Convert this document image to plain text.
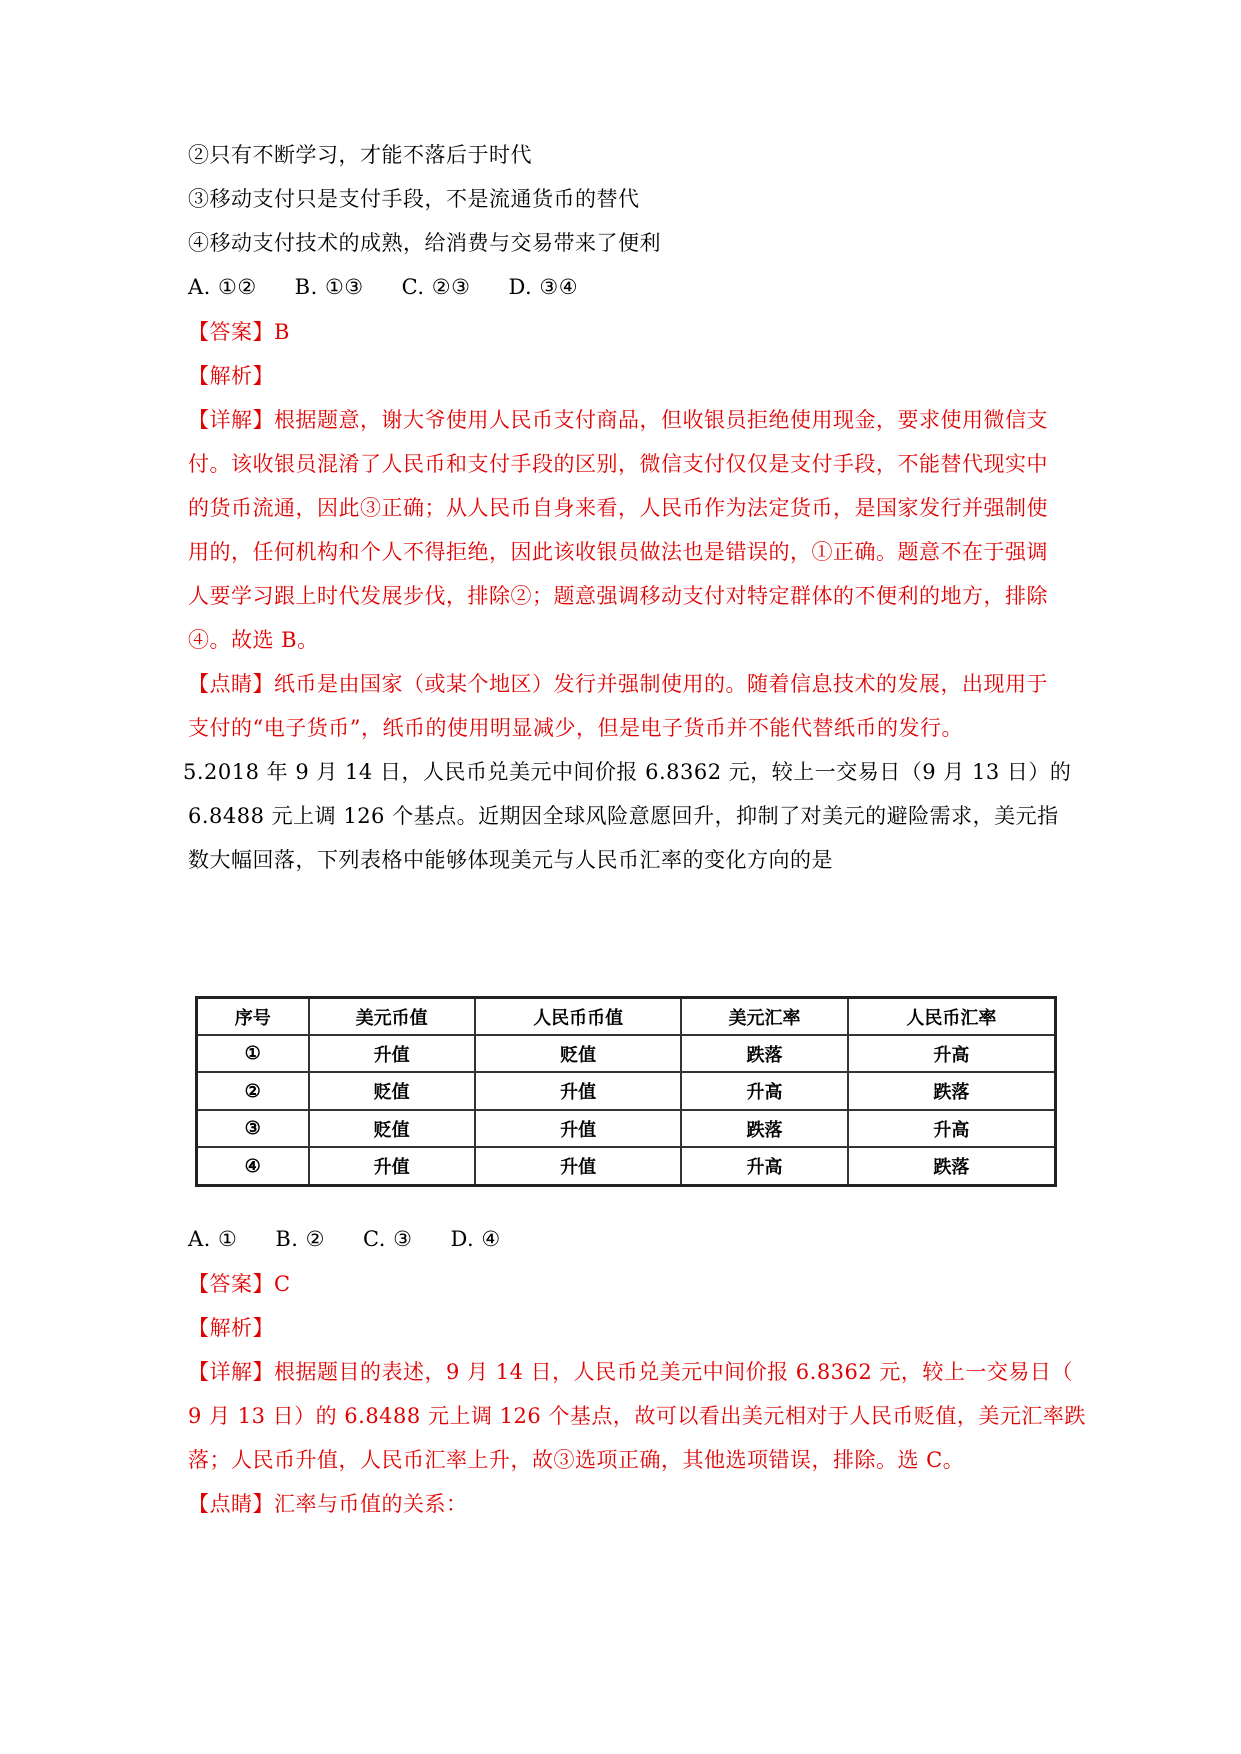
②只有不断学习，才能不落后于时代
③移动支付只是支付手段，不是流通货币的替代
④移动支付技术的成熟，给消费与交易带来了便利
A. ①② B. ①③ C. ②③ D. ③④
【答案】B
【解析】
【详解】根据题意，谢大爷使用人民币支付商品，但收银员拒绝使用现金，要求使用微信支
付。该收银员混淆了人民币和支付手段的区别，微信支付仅仅是支付手段，不能替代现实中
的货币流通，因此③正确；从人民币自身来看，人民币作为法定货币，是国家发行并强制使
用的，任何机构和个人不得拒绝，因此该收银员做法也是错误的，①正确。题意不在于强调
人要学习跟上时代发展步伐，排除②；题意强调移动支付对特定群体的不便利的地方，排除
④。故选 B。
【点睛】纸币是由国家（或某个地区）发行并强制使用的。随着信息技术的发展，出现用于
支付的“电子货币”，纸币的使用明显减少，但是电子货币并不能代替纸币的发行。
5.2018 年 9 月 14 日，人民币兑美元中间价报 6.8362 元，较上一交易日（9 月 13 日）的
6.8488 元上调 126 个基点。近期因全球风险意愿回升，抑制了对美元的避险需求，美元指
数大幅回落，下列表格中能够体现美元与人民币汇率的变化方向的是
序号	美元币值	人民币币值	美元汇率	人民币汇率
①	升值	贬值	跌落	升高
②	贬值	升值	升高	跌落
③	贬值	升值	跌落	升高
④	升值	升值	升高	跌落
A. ① B. ② C. ③ D. ④
【答案】C
【解析】
【详解】根据题目的表述，9 月 14 日，人民币兑美元中间价报 6.8362 元，较上一交易日（
9 月 13 日）的 6.8488 元上调 126 个基点，故可以看出美元相对于人民币贬值，美元汇率跌
落；人民币升值，人民币汇率上升，故③选项正确，其他选项错误，排除。选 C。
【点睛】汇率与币值的关系：
